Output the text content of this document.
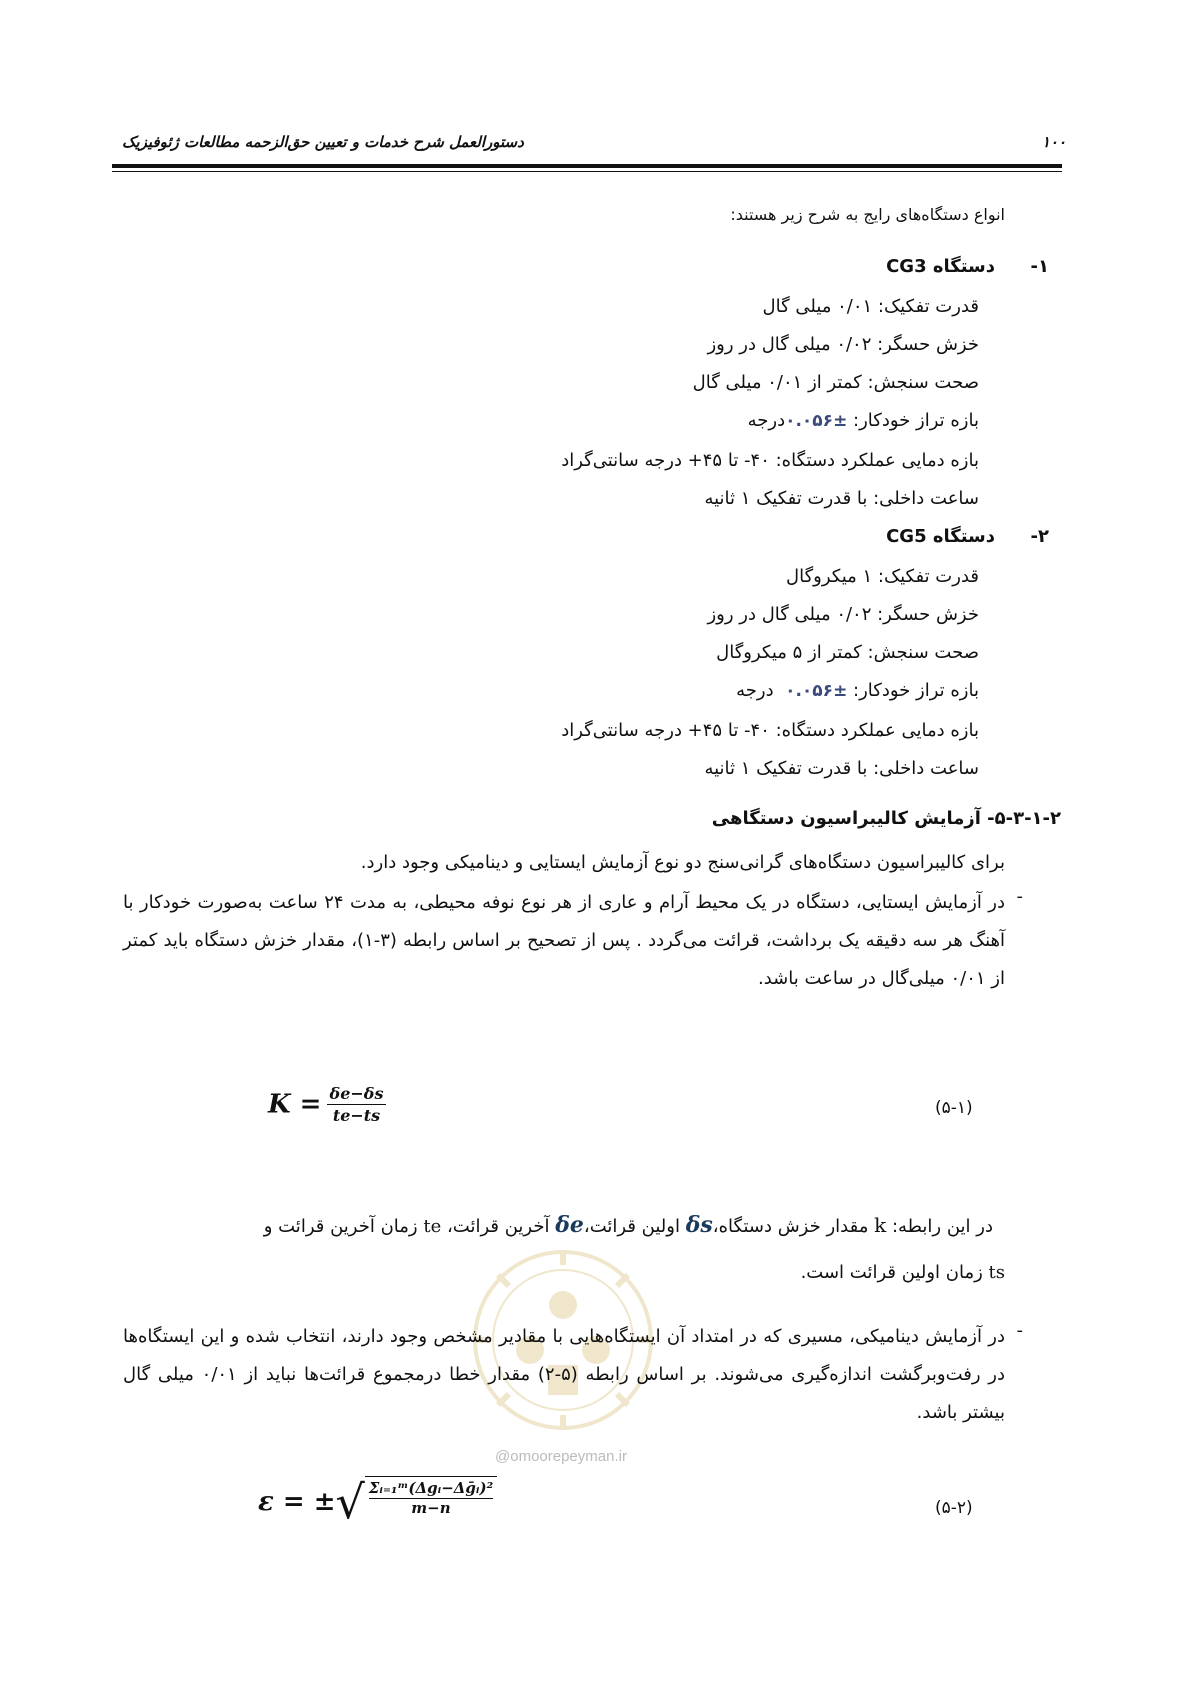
دستورالعمل شرح خدمات و تعیین حق‌الزحمه مطالعات ژئوفیزیک	۱۰۰
انواع دستگاه‌های رایج به شرح زیر هستند:
۱-
دستگاه CG3
قدرت تفکیک: ۰/۰۱ میلی گال
خزش حسگر: ۰/۰۲ میلی گال در روز
صحت سنجش: کمتر از ۰/۰۱ میلی گال
بازه تراز خودکار: ±۰.۰۵۶درجه
بازه دمایی عملکرد دستگاه: ۴۰- تا ۴۵+ درجه سانتی‌گراد
ساعت داخلی: با قدرت تفکیک ۱ ثانیه
۲-
دستگاه CG5
قدرت تفکیک: ۱ میکروگال
خزش حسگر: ۰/۰۲ میلی گال در روز
صحت سنجش: کمتر از ۵ میکروگال
بازه تراز خودکار: ±۰.۰۵۶  درجه
بازه دمایی عملکرد دستگاه: ۴۰- تا ۴۵+ درجه سانتی‌گراد
ساعت داخلی: با قدرت تفکیک ۱ ثانیه
۵-۳-۱-۲- آزمایش کالیبراسیون دستگاهی
برای کالیبراسیون دستگاه‌های گرانی‌سنج دو نوع آزمایش ایستایی و دینامیکی وجود دارد.
-
در آزمایش ایستایی، دستگاه در یک محیط آرام و عاری از هر نوع نوفه محیطی، به مدت ۲۴ ساعت به‌صورت خودکار با آهنگ هر سه دقیقه یک برداشت، قرائت می‌گردد . پس از تصحیح بر اساس رابطه (۳-۱)، مقدار خزش دستگاه باید کمتر از ۰/۰۱ میلی‌گال در ساعت باشد.
$K = \frac{\delta e-\delta s}{te-ts}$	(۵-۱)
در این رابطه: k مقدار خزش دستگاه،δs اولین قرائت،δe آخرین قرائت، te زمان آخرین قرائت و
ts زمان اولین قرائت است.
-
در آزمایش دینامیکی، مسیری که در امتداد آن ایستگاه‌هایی با مقادیر مشخص وجود دارند، انتخاب شده و این ایستگاه‌ها در رفت‌وبرگشت اندازه‌گیری می‌شوند. بر اساس رابطه (۵-۲) مقدار خطا درمجموع قرائت‌ها نباید از ۰/۰۱ میلی گال بیشتر باشد.
ε = ± √ $\frac{\text{Σᵢ₌₁ᵐ(Δgᵢ−Δḡᵢ)²}}{m-n}$	(۵-۲)
@omoorepeyman.ir
